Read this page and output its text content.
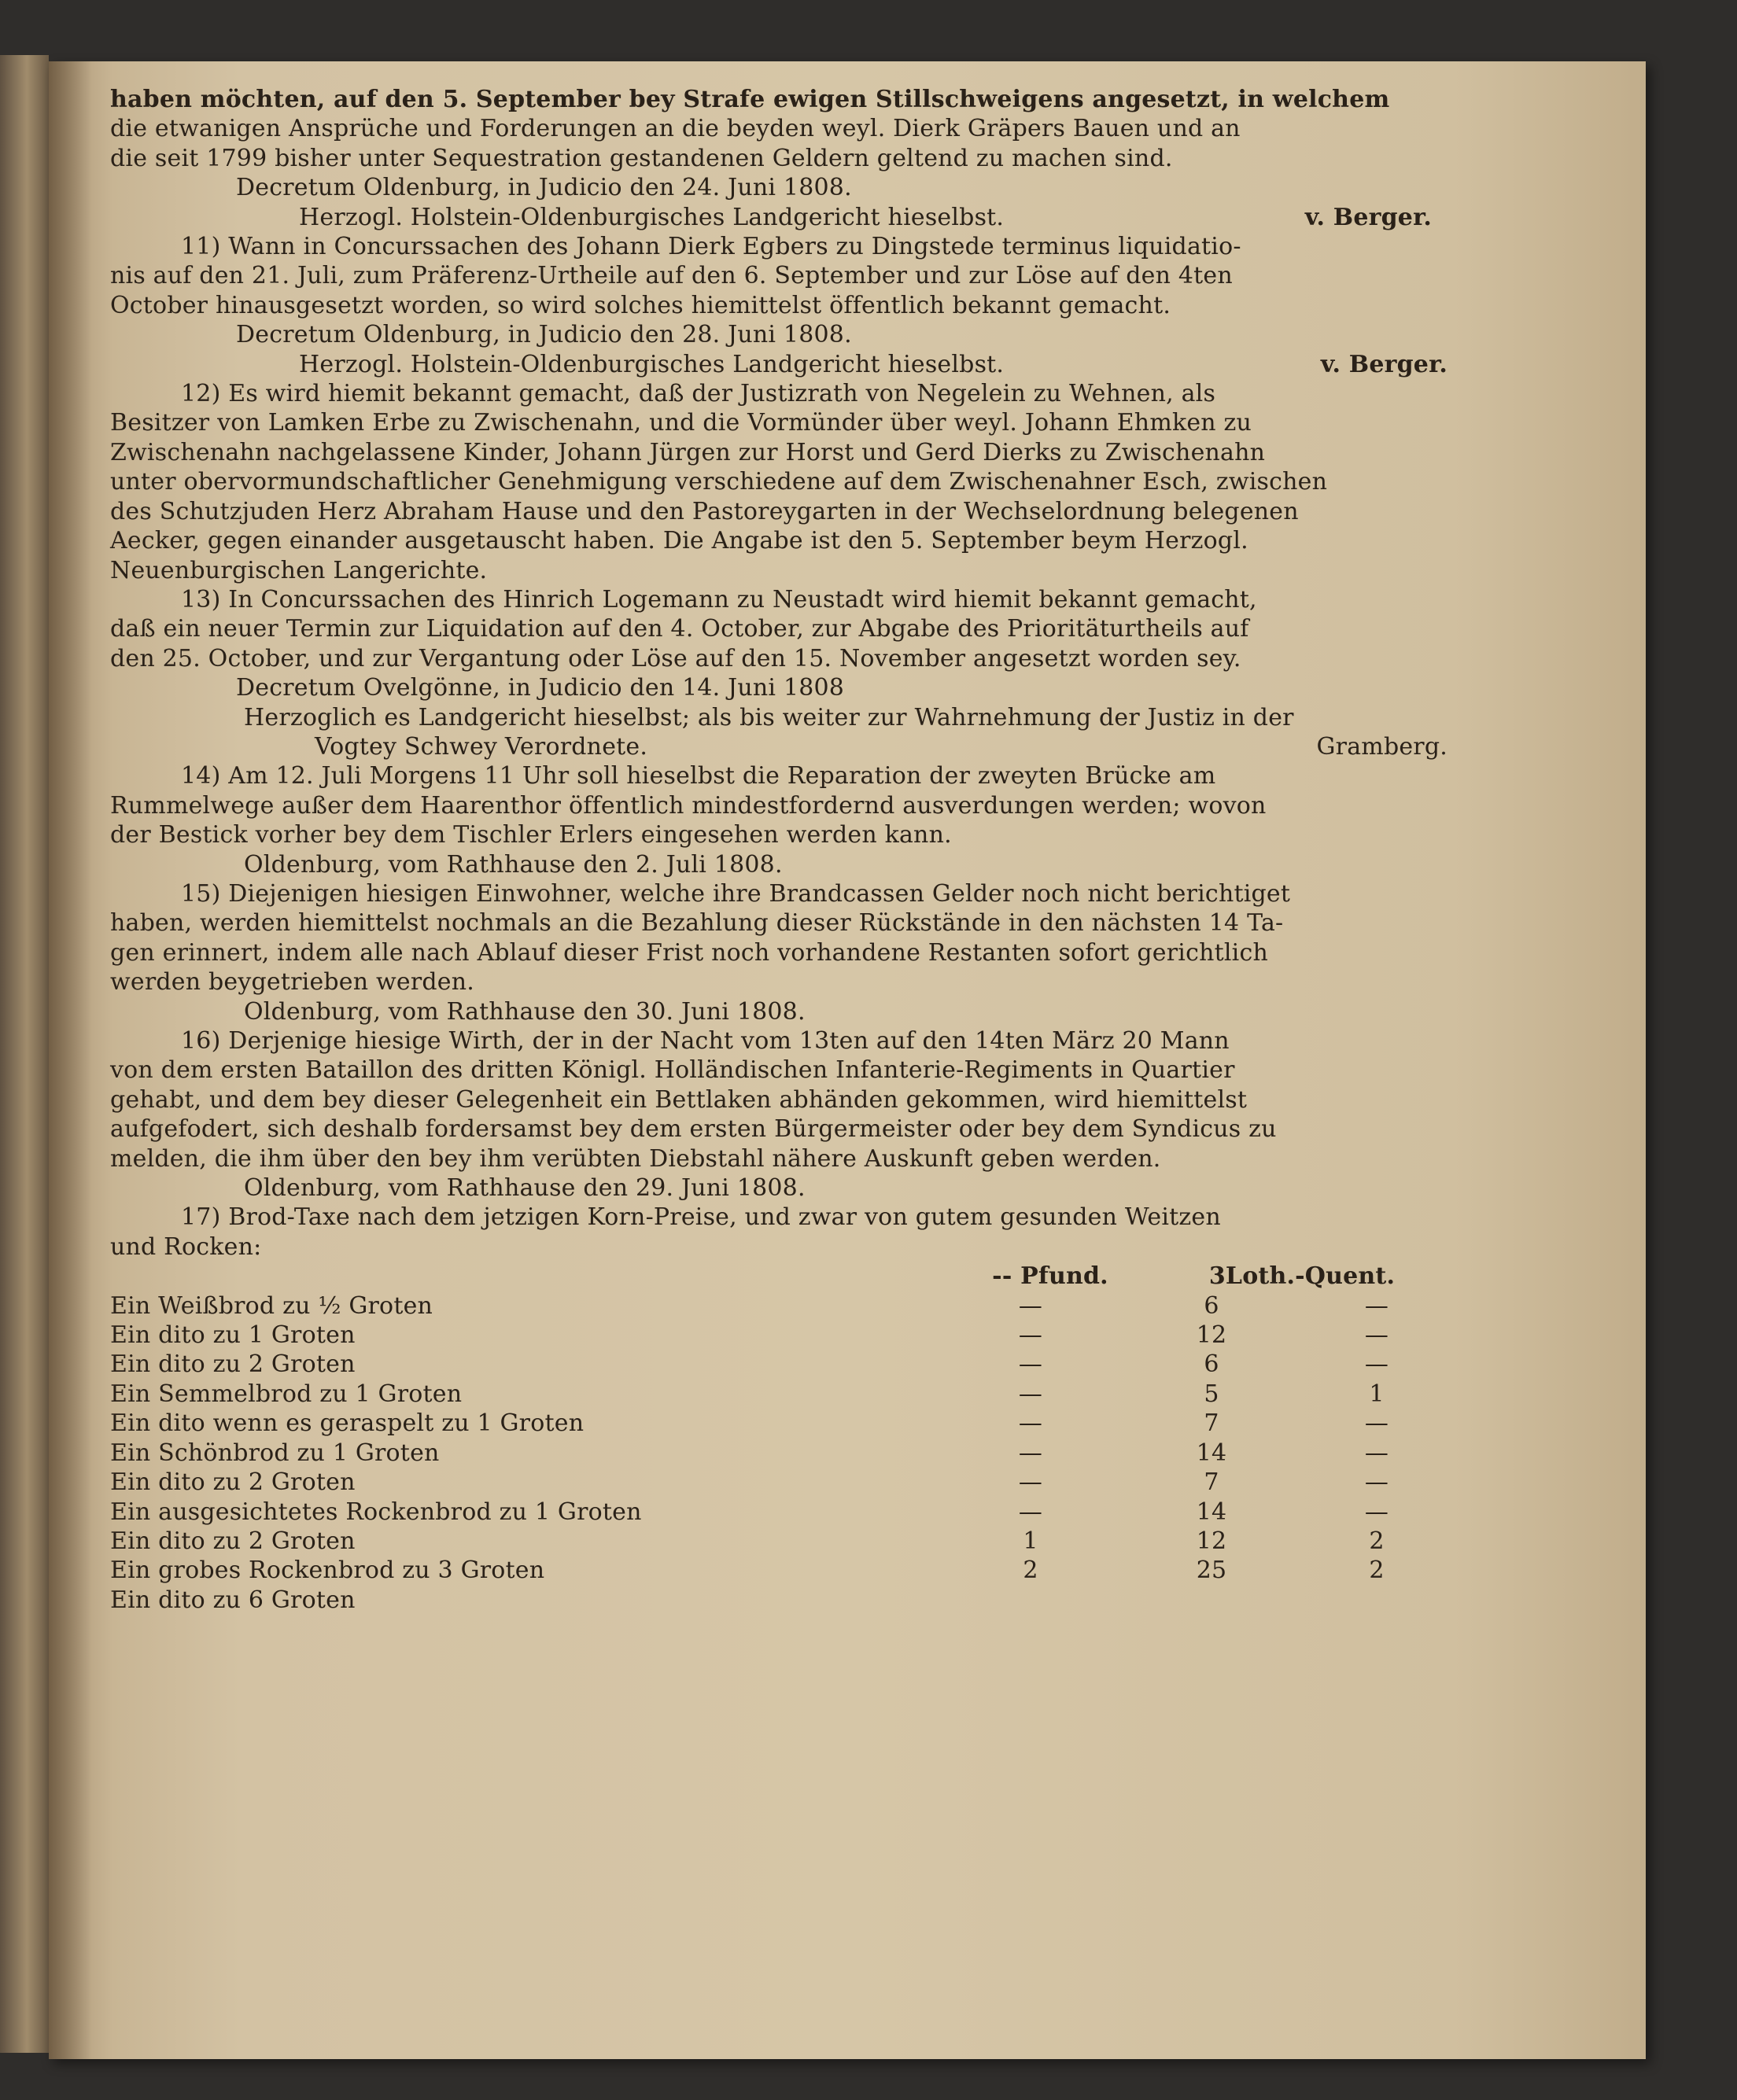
haben möchten, auf den 5. September bey Strafe ewigen Stillschweigens angesetzt, in welchem

die etwanigen Ansprüche und Forderungen an die beyden weyl. Dierk Gräpers Bauen und an

die seit 1799 bisher unter Sequestration gestandenen Geldern geltend zu machen sind.

Decretum Oldenburg, in Judicio den 24. Juni 1808.

Herzogl. Holstein-Oldenburgisches Landgericht hieselbst.	v. Berger.

11) Wann in Concurssachen des Johann Dierk Egbers zu Dingstede terminus liquidatio-

nis auf den 21. Juli, zum Präferenz-Urtheile auf den 6. September und zur Löse auf den 4ten

October hinausgesetzt worden, so wird solches hiemittelst öffentlich bekannt gemacht.

Decretum Oldenburg, in Judicio den 28. Juni 1808.

Herzogl. Holstein-Oldenburgisches Landgericht hieselbst.	v. Berger.

12) Es wird hiemit bekannt gemacht, daß der Justizrath von Negelein zu Wehnen, als

Besitzer von Lamken Erbe zu Zwischenahn, und die Vormünder über weyl. Johann Ehmken zu

Zwischenahn nachgelassene Kinder, Johann Jürgen zur Horst und Gerd Dierks zu Zwischenahn

unter obervormundschaftlicher Genehmigung verschiedene auf dem Zwischenahner Esch, zwischen

des Schutzjuden Herz Abraham Hause und den Pastoreygarten in der Wechselordnung belegenen

Aecker, gegen einander ausgetauscht haben. Die Angabe ist den 5. September beym Herzogl.

Neuenburgischen Langerichte.

13) In Concurssachen des Hinrich Logemann zu Neustadt wird hiemit bekannt gemacht,

daß ein neuer Termin zur Liquidation auf den 4. October, zur Abgabe des Prioritäturtheils auf

den 25. October, und zur Vergantung oder Löse auf den 15. November angesetzt worden sey.

Decretum Ovelgönne, in Judicio den 14. Juni 1808

Herzoglich es Landgericht hieselbst; als bis weiter zur Wahrnehmung der Justiz in der

Vogtey Schwey Verordnete.	Gramberg.

14) Am 12. Juli Morgens 11 Uhr soll hieselbst die Reparation der zweyten Brücke am

Rummelwege außer dem Haarenthor öffentlich mindestfordernd ausverdungen werden; wovon

der Bestick vorher bey dem Tischler Erlers eingesehen werden kann.

Oldenburg, vom Rathhause den 2. Juli 1808.

15) Diejenigen hiesigen Einwohner, welche ihre Brandcassen Gelder noch nicht berichtiget

haben, werden hiemittelst nochmals an die Bezahlung dieser Rückstände in den nächsten 14 Ta-

gen erinnert, indem alle nach Ablauf dieser Frist noch vorhandene Restanten sofort gerichtlich

werden beygetrieben werden.

Oldenburg, vom Rathhause den 30. Juni 1808.

16) Derjenige hiesige Wirth, der in der Nacht vom 13ten auf den 14ten März 20 Mann

von dem ersten Bataillon des dritten Königl. Holländischen Infanterie-Regiments in Quartier

gehabt, und dem bey dieser Gelegenheit ein Bettlaken abhänden gekommen, wird hiemittelst

aufgefodert, sich deshalb fordersamst bey dem ersten Bürgermeister oder bey dem Syndicus zu

melden, die ihm über den bey ihm verübten Diebstahl nähere Auskunft geben werden.

Oldenburg, vom Rathhause den 29. Juni 1808.

17) Brod-Taxe nach dem jetzigen Korn-Preise, und zwar von gutem gesunden Weitzen

und Rocken:

	-- Pfund.	3Loth.-Quent.
Ein Weißbrod zu ½ Groten	—	6	—
Ein dito zu 1 Groten	—	12	—
Ein dito zu 2 Groten	—	6	—
Ein Semmelbrod zu 1 Groten	—	5	1
Ein dito wenn es geraspelt zu 1 Groten	—	7	—
Ein Schönbrod zu 1 Groten	—	14	—
Ein dito zu 2 Groten	—	7	—
Ein ausgesichtetes Rockenbrod zu 1 Groten	—	14	—
Ein dito zu 2 Groten	1	12	2
Ein grobes Rockenbrod zu 3 Groten	2	25	2
Ein dito zu 6 Groten			
